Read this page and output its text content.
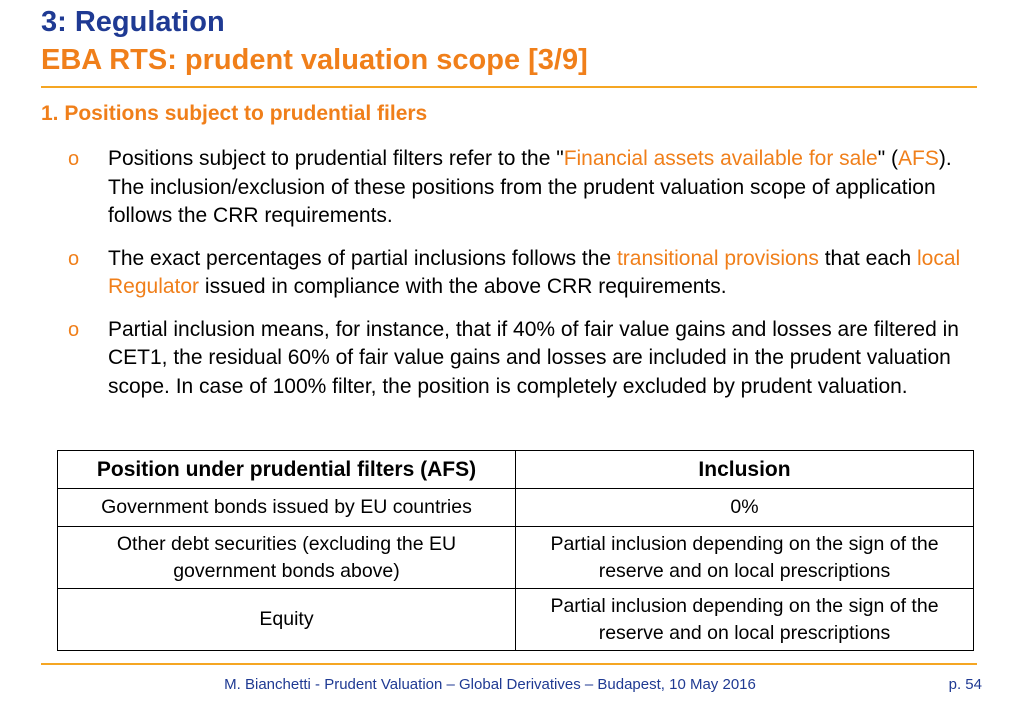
3: Regulation
EBA RTS: prudent valuation scope [3/9]
1. Positions subject to prudential filers
o Positions subject to prudential filters refer to the "Financial assets available for sale" (AFS). The inclusion/exclusion of these positions from the prudent valuation scope of application follows the CRR requirements.
o The exact percentages of partial inclusions follows the transitional provisions that each local Regulator issued in compliance with the above CRR requirements.
o Partial inclusion means, for instance, that if 40% of fair value gains and losses are filtered in CET1, the residual 60% of fair value gains and losses are included in the prudent valuation scope. In case of 100% filter, the position is completely excluded by prudent valuation.
Position under prudential filters (AFS)	Inclusion
Government bonds issued by EU countries	0%
Other debt securities (excluding the EU government bonds above)	Partial inclusion depending on the sign of the reserve and on local prescriptions
Equity	Partial inclusion depending on the sign of the reserve and on local prescriptions
M. Bianchetti - Prudent Valuation – Global Derivatives – Budapest, 10 May 2016	p. 54
